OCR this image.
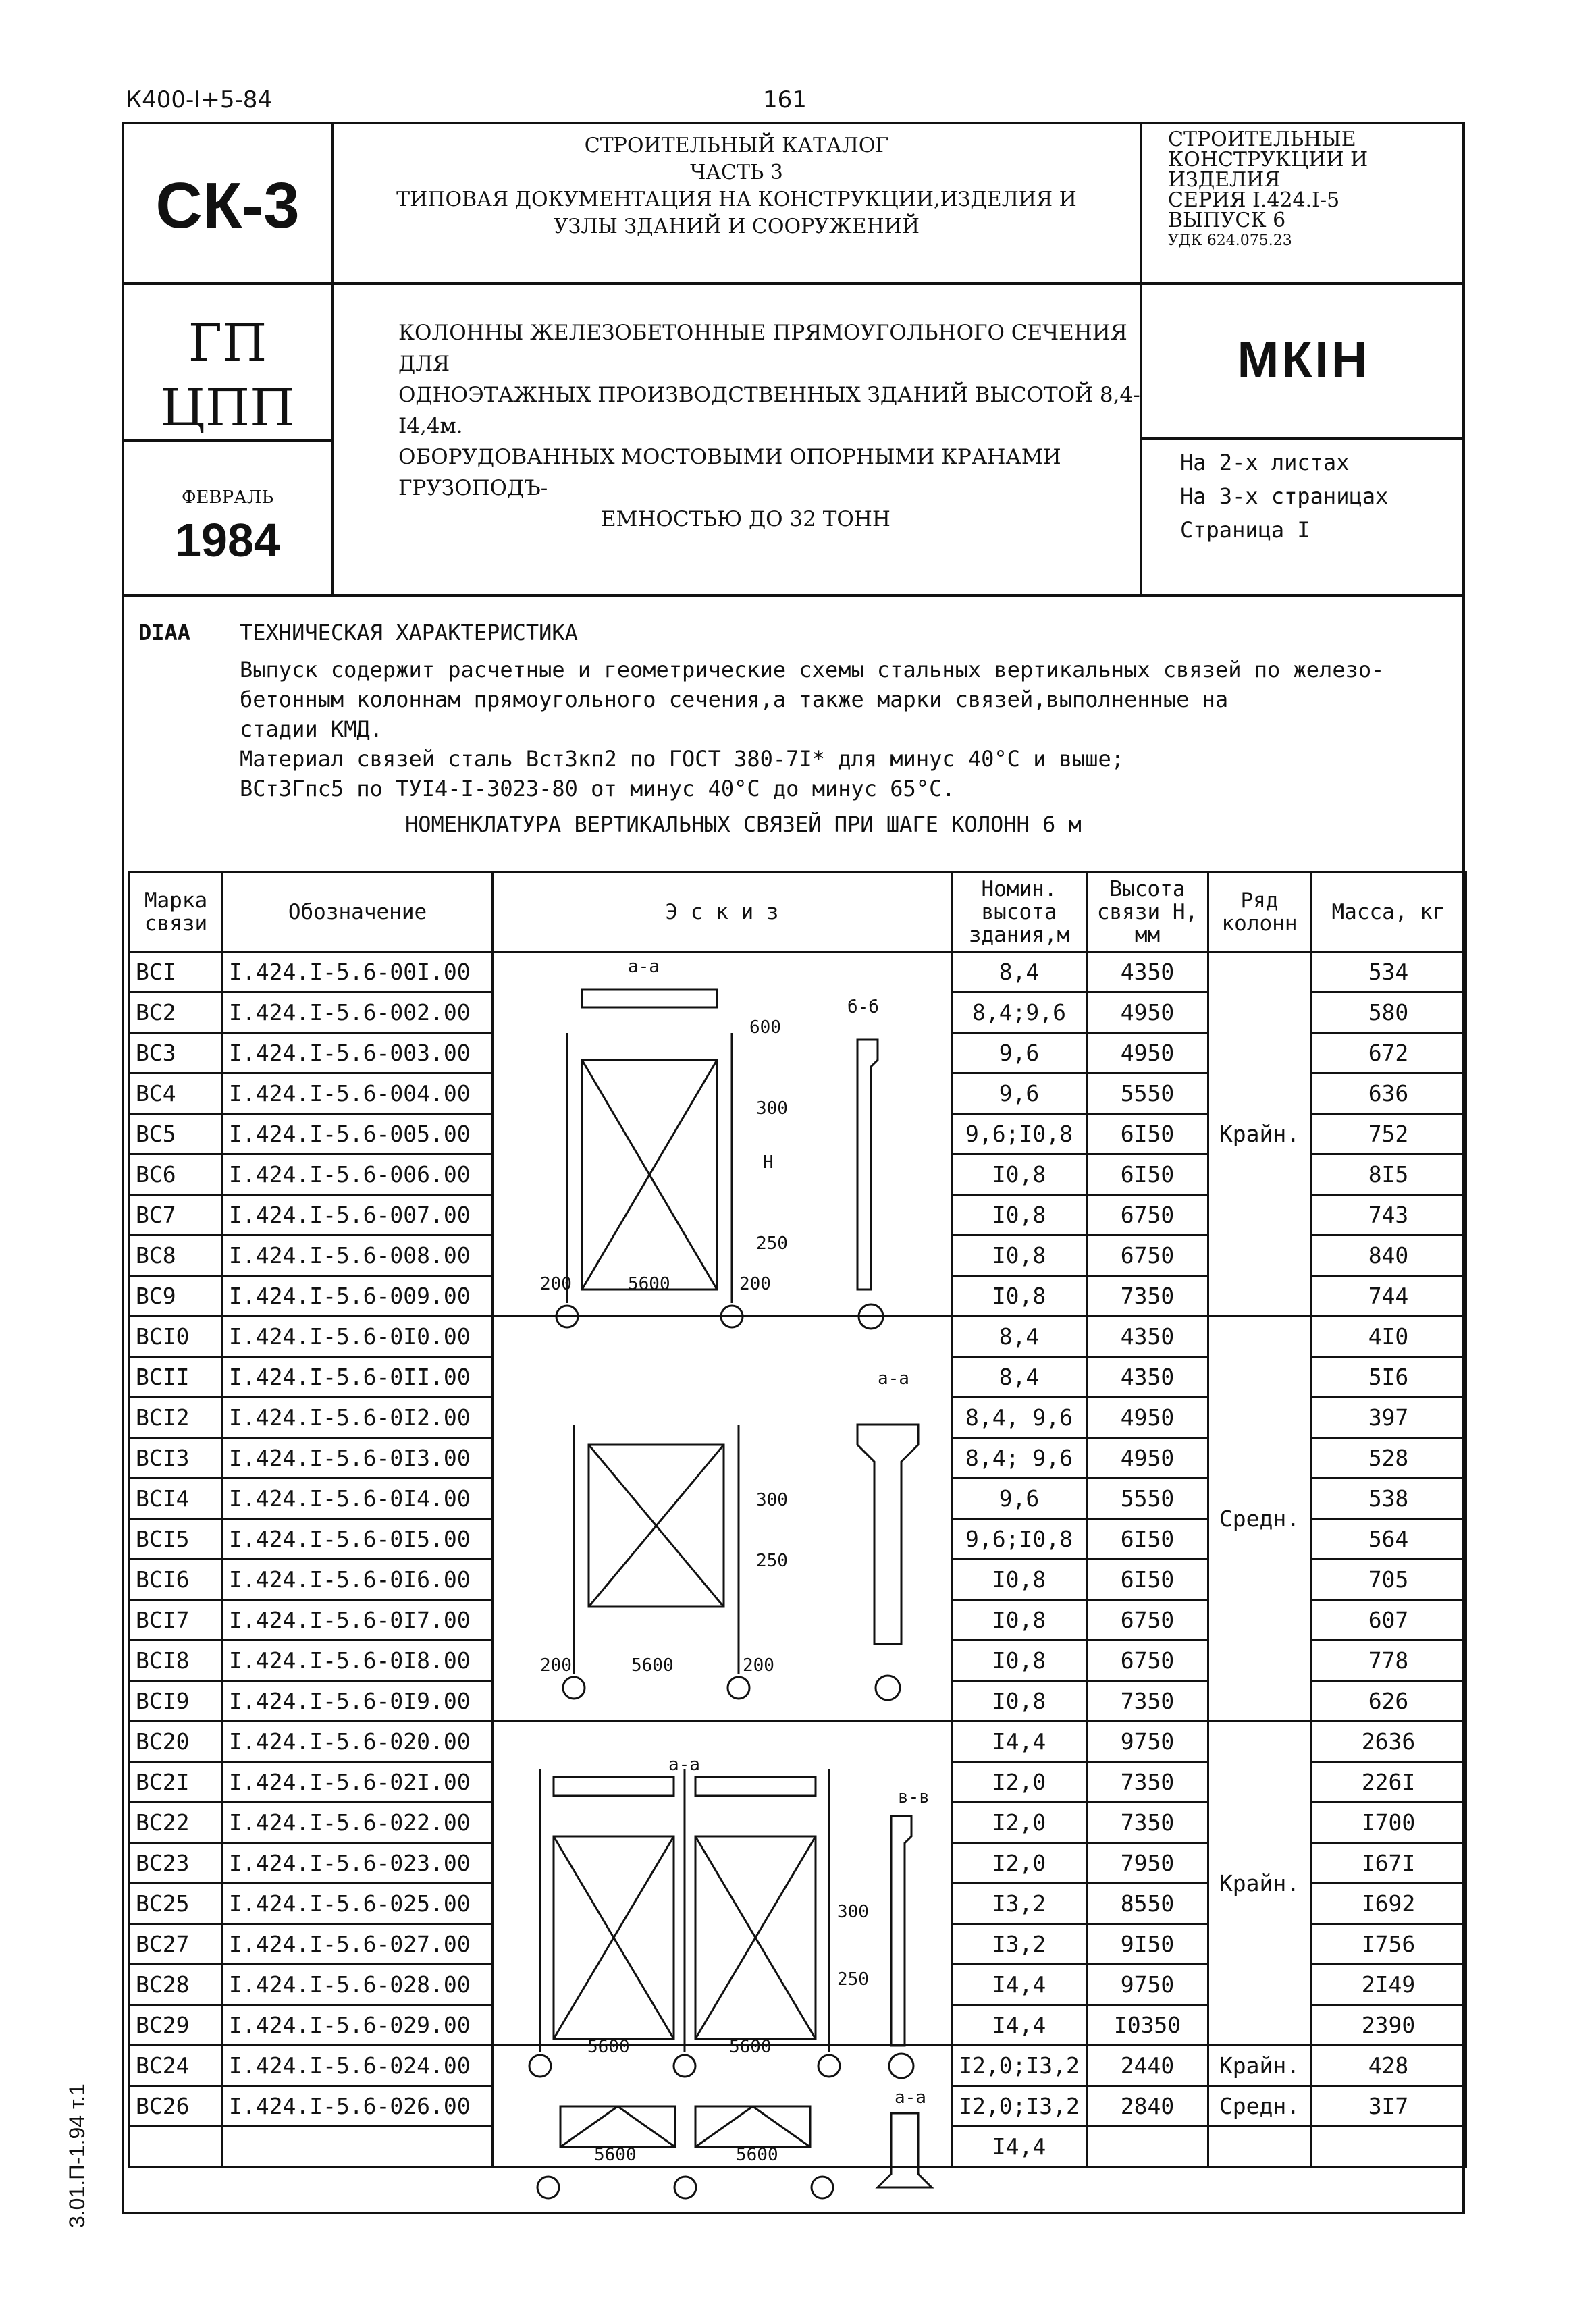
К400-I+5-84	161
СК-3
СТРОИТЕЛЬНЫЙ КАТАЛОГ
ЧАСТЬ 3
ТИПОВАЯ ДОКУМЕНТАЦИЯ НА КОНСТРУКЦИИ,ИЗДЕЛИЯ И
УЗЛЫ ЗДАНИЙ И СООРУЖЕНИЙ
СТРОИТЕЛЬНЫЕ
КОНСТРУКЦИИ И
ИЗДЕЛИЯ
СЕРИЯ I.424.I-5
ВЫПУСК 6
УДК 624.075.23
ГП
ЦПП
КОЛОННЫ ЖЕЛЕЗОБЕТОННЫЕ ПРЯМОУГОЛЬНОГО СЕЧЕНИЯ ДЛЯ
ОДНОЭТАЖНЫХ ПРОИЗВОДСТВЕННЫХ ЗДАНИЙ ВЫСОТОЙ 8,4-I4,4м.
ОБОРУДОВАННЫХ МОСТОВЫМИ ОПОРНЫМИ КРАНАМИ ГРУЗОПОДЪ-
ЕМНОСТЬЮ ДО 32 ТОНН
МКIН
ФЕВРАЛЬ
1984
На 2-х листах
На 3-х страницах
Страница I
DIAA ТЕХНИЧЕСКАЯ ХАРАКТЕРИСТИКА
Выпуск содержит расчетные и геометрические схемы стальных вертикальных связей по железо-
бетонным колоннам прямоугольного сечения,а также марки связей,выполненные на
стадии КМД.
Материал связей сталь ВстЗкп2 по ГОСТ 380-7I* для минус 40°С и выше;
ВСт3Гпс5 по ТУI4-I-3023-80 от минус 40°С до минус 65°С.
НОМЕНКЛАТУРА ВЕРТИКАЛЬНЫХ СВЯЗЕЙ ПРИ ШАГЕ КОЛОНН 6 м
Марка связи	Обозначение	Э с к и з	Номин. высота здания,м	Высота связи Н, мм	Ряд колонн	Масса, кг
ВСI	I.424.I-5.6-00I.00		8,4	4350	Крайн.	534
ВС2	I.424.I-5.6-002.00		8,4;9,6	4950		580
ВС3	I.424.I-5.6-003.00		9,6	4950		672
ВС4	I.424.I-5.6-004.00		9,6	5550		636
ВС5	I.424.I-5.6-005.00		9,6;I0,8	6I50		752
ВС6	I.424.I-5.6-006.00		I0,8	6I50		8I5
ВС7	I.424.I-5.6-007.00		I0,8	6750		743
ВС8	I.424.I-5.6-008.00		I0,8	6750		840
ВС9	I.424.I-5.6-009.00		I0,8	7350		744
ВСI0	I.424.I-5.6-0I0.00		8,4	4350	Средн.	4I0
ВСII	I.424.I-5.6-0II.00		8,4	4350		5I6
ВСI2	I.424.I-5.6-0I2.00		8,4, 9,6	4950		397
ВСI3	I.424.I-5.6-0I3.00		8,4; 9,6	4950		528
ВСI4	I.424.I-5.6-0I4.00		9,6	5550		538
ВСI5	I.424.I-5.6-0I5.00		9,6;I0,8	6I50		564
ВСI6	I.424.I-5.6-0I6.00		I0,8	6I50		705
ВСI7	I.424.I-5.6-0I7.00		I0,8	6750		607
ВСI8	I.424.I-5.6-0I8.00		I0,8	6750		778
ВСI9	I.424.I-5.6-0I9.00		I0,8	7350		626
ВС20	I.424.I-5.6-020.00		I4,4	9750	Крайн.	2636
ВС2I	I.424.I-5.6-02I.00		I2,0	7350		226I
ВС22	I.424.I-5.6-022.00		I2,0	7350		I700
ВС23	I.424.I-5.6-023.00		I2,0	7950		I67I
ВС25	I.424.I-5.6-025.00		I3,2	8550		I692
ВС27	I.424.I-5.6-027.00		I3,2	9I50		I756
ВС28	I.424.I-5.6-028.00		I4,4	9750		2I49
ВС29	I.424.I-5.6-029.00		I4,4	I0350		2390
ВС24	I.424.I-5.6-024.00		I2,0;I3,2	2440	Крайн.	428
ВС26	I.424.I-5.6-026.00		I2,0;I3,2	2840	Средн.	3I7
			I4,4			
а-а
б-б
600
300
Н
250
200	5600	200
а-а
300
250
200	5600	200
а-а
в-в
300
250
5600	5600
а-а
5600	5600
3.01.П-1.94 т.1
